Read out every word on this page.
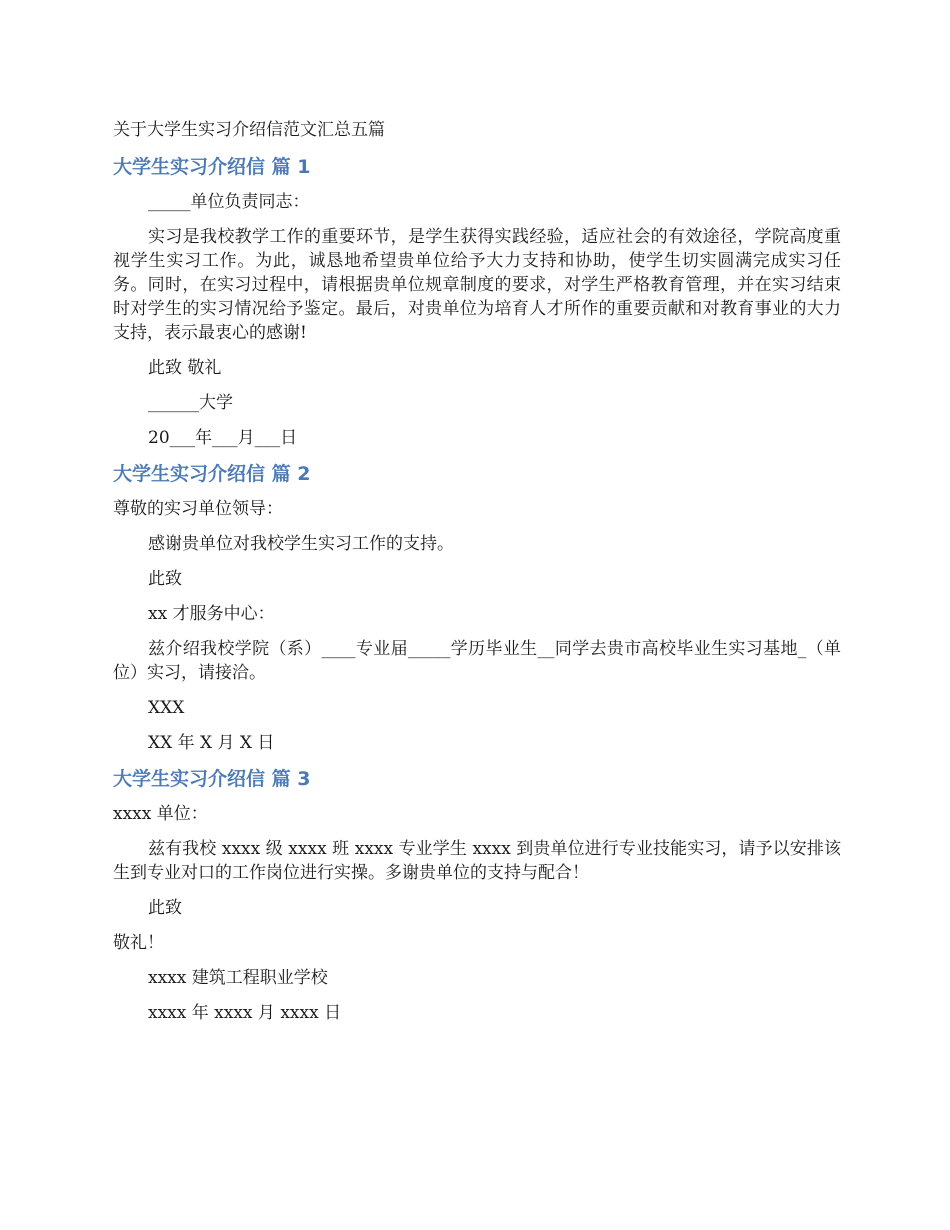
关于大学生实习介绍信范文汇总五篇

大学生实习介绍信 篇 1

_____单位负责同志：

实习是我校教学工作的重要环节，是学生获得实践经验，适应社会的有效途径，学院高度重视学生实习工作。为此，诚恳地希望贵单位给予大力支持和协助，使学生切实圆满完成实习任务。同时，在实习过程中，请根据贵单位规章制度的要求，对学生严格教育管理，并在实习结束时对学生的实习情况给予鉴定。最后，对贵单位为培育人才所作的重要贡献和对教育事业的大力支持，表示最衷心的感谢!

此致 敬礼

______大学

20___年___月___日

大学生实习介绍信 篇 2

尊敬的实习单位领导：

感谢贵单位对我校学生实习工作的支持。

此致

xx 才服务中心：

兹介绍我校学院（系）____专业届_____学历毕业生__同学去贵市高校毕业生实习基地_（单位）实习，请接洽。

XXX

XX 年 X 月 X 日

大学生实习介绍信 篇 3

xxxx 单位：

兹有我校 xxxx 级 xxxx 班 xxxx 专业学生 xxxx 到贵单位进行专业技能实习，请予以安排该生到专业对口的工作岗位进行实操。多谢贵单位的支持与配合！

此致

敬礼！

xxxx 建筑工程职业学校

xxxx 年 xxxx 月 xxxx 日
